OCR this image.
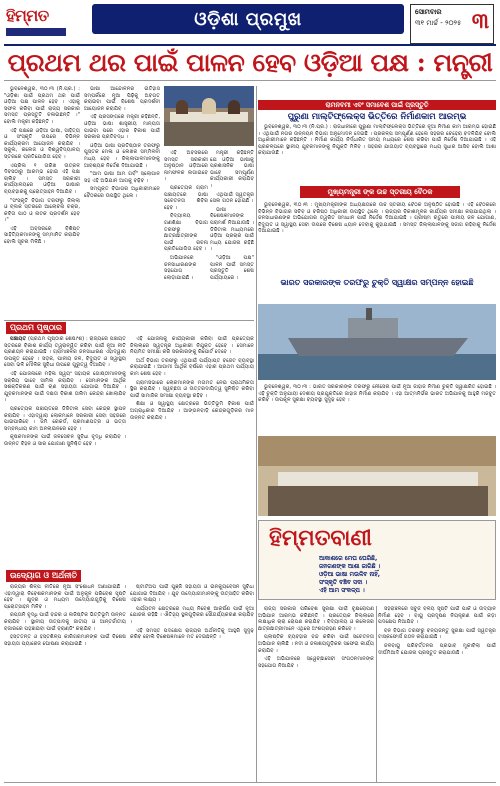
ହିମ୍ମତ	ଓଡ଼ିଶା ପ୍ରମୁଖ	ସୋମବାର
୩୧ ମାର୍ଚ୍ଚ - ୨୦୨୫ ୩
ପ୍ରଥମ ଥର ପାଇଁ ପାଳନ ହେବ ଓଡ଼ିଆ ପକ୍ଷ : ମନ୍ତ୍ରୀ

ଭୁବନେଶ୍ୱର, ୩୦।୩ (ନି.ପ୍ର.) : "ଓଡ଼ିଶା ପାଇଁ ପ୍ରଥମ ଥର ପାଇଁ ଓଡ଼ିଆ ପକ୍ଷ ପାଳନ ହେବ । ଏହାକୁ ସଫଳ କରିବା ପାଇଁ ରାଜ୍ୟ ସରକାର ସମସ୍ତ ପ୍ରସ୍ତୁତି ଚଳାଇଛନ୍ତି ।" ବୋଲି ମନ୍ତ୍ରୀ କହିଛନ୍ତି ।

ଏହି ପକ୍ଷରେ ଓଡ଼ିଆ ଭାଷା, ସାହିତ୍ୟ ଓ ସଂସ୍କୃତି ଉପରେ ବିଭିନ୍ନ କାର୍ଯ୍ୟକ୍ରମ ଆୟୋଜନ କରାଯିବ । ସ୍କୁଲ, କଲେଜ ଓ ବିଶ୍ୱବିଦ୍ୟାଳୟ ସ୍ତରରେ ପ୍ରତିଯୋଗିତା ହେବ ।

ଏପ୍ରିଲ ୧ ତାରିଖ ଉତ୍କଳ ଦିବସଠାରୁ ଆରମ୍ଭ ହୋଇ ଏହି ପକ୍ଷ ଚାଲିବ । ସମସ୍ତ ସରକାରୀ କାର୍ଯ୍ୟାଳୟରେ ଓଡ଼ିଆ ଭାଷାର ବ୍ୟବହାରକୁ ପ୍ରୋତ୍ସାହନ ଦିଆଯିବ ।

"ସଂସ୍କୃତି ବିଭାଗ ତରଫରୁ ଜିଲ୍ଲା ଓ ବ୍ଲକ ସ୍ତରରେ ଆଲୋଚନା ଚକ୍ର, କବିତା ପାଠ ଓ ନାଟକ ପ୍ରଦର୍ଶନ ହେବ ।"

ଏହି ଅବସରରେ ବିଶିଷ୍ଟ ସାହିତ୍ୟିକମାନଙ୍କୁ ସମ୍ମାନିତ କରାଯିବ ବୋଲି ସୂଚନା ମିଳିଛି ।

ଭାଷା ଆନ୍ଦୋଳନର ଇତିହାସ ସମ୍ପର୍କରେ ନୂଆ ପିଢ଼ିକୁ ଅବଗତ କରାଇବା ପାଇଁ ବିଶେଷ ପ୍ରଦର୍ଶନୀ ଆୟୋଜନ କରାଯିବ ।

ଏହି ପ୍ରସଙ୍ଗରେ ମନ୍ତ୍ରୀ କହିଛନ୍ତି, ଓଡ଼ିଆ ଭାଷା ଶାସ୍ତ୍ରୀୟ ମାନ୍ୟତା ପାଇବା ପରେ ଏହାର ବିକାଶ ପାଇଁ ସରକାର ପ୍ରତିବଦ୍ଧ ।

ଓଡ଼ିଆ ଭାଷା ପ୍ରତିଷ୍ଠାନ ତରଫରୁ ପୁସ୍ତକ ମେଳା ଓ ଲେଖକ ସମ୍ମିଳନୀ ମଧ୍ୟ ହେବ । ଜିଲ୍ଲାପାଳମାନଙ୍କୁ ଆବଶ୍ୟକ ନିର୍ଦ୍ଦେଶ ଦିଆଯାଇଛି ।

"ଆମ ଭାଷା ଆମ ଗର୍ବ" ସ୍ଲୋଗାନ ସହ ଏହି ଅଭିଯାନ ଆଗକୁ ବଢ଼ିବ ।

ସମ୍ପୃକ୍ତ ବିଭାଗର ଅଧିକାରୀମାନେ ବୈଠକରେ ଉପସ୍ଥିତ ଥିଲେ ।

ଏହି ଅବସରରେ ସମସ୍ତ ସରକାରୀ ଅନୁଷ୍ଠାନ ଓଡ଼ିଆରେ ନାମଫଳକ ଲଗାଇବେ ।

ପ୍ରତ୍ୟେକ ଗ୍ରାମ ପଞ୍ଚାୟତରେ ଭାଷା ସଚେତନତା ଶିବିର ହେବ ।

ବିଦ୍ୟାଳୟ ଗଣଶିକ୍ଷା ବିଭାଗ ତରଫରୁ ଛାତ୍ରଛାତ୍ରୀଙ୍କ ପାଇଁ ରଚନା ପ୍ରତିଯୋଗିତା ହେବ ।

ଅଭିଯାନରେ ଜନସାଧାରଣଙ୍କ ସହଯୋଗ ଲୋଡ଼ାଯାଇଛି ।

ମନ୍ତ୍ରୀ କହିଛନ୍ତି ଯେ ଓଡ଼ିଆ ଭାଷାକୁ ପ୍ରଶାସନିକ ଭାଷା ଭାବେ ସମ୍ପୂର୍ଣ୍ଣ କାର୍ଯ୍ୟକାରୀ କରାଯିବ ।

ଏଥିପାଇଁ ସ୍ୱତନ୍ତ୍ର ସେଲ ଗଠନ ହୋଇଛି ।

ଭାଷା ବିଶେଷଜ୍ଞମାନଙ୍କ ପରାମର୍ଶ ନିଆଯାଉଛି । ଡିଜିଟାଲ ମାଧ୍ୟମରେ ଓଡ଼ିଆ ପ୍ରଚାର ପାଇଁ ମଧ୍ୟ ଯୋଜନା ରହିଛି ।

"ଓଡ଼ିଆ ପକ୍ଷ" ପାଳନ ପାଇଁ ସମସ୍ତ ପ୍ରସ୍ତୁତି ଶେଷ ପର୍ଯ୍ୟାୟରେ ।

ରାମନବମୀ ଏବଂ ସମାବେଶ ପାଇଁ ପ୍ରସ୍ତୁତି
ପୁରୁଣା ମାଲ୍ଟିଫ୍ଲେକ୍ସ ଭିତ୍ତିରେ ନିର୍ମାଣକାମ ଆରମ୍ଭ

ଭୁବନେଶ୍ୱର, ୩୦।୩ (ନି.ପ୍ର.) : ରାଜଧାନୀରେ ପୁରୁଣା ମାଲ୍ଟିଫ୍ଲେକ୍ସ ଭିତ୍ତିରେ ନୂଆ ନିର୍ମାଣ କାମ ଆରମ୍ଭ ହୋଇଛି । ଏଥିପାଇଁ ନଗର ଉନ୍ନୟନ ବିଭାଗ ଅନୁମୋଦନ ଦେଇଛି । ପ୍ରକଳ୍ପ ସମ୍ପୂର୍ଣ୍ଣ ହେଲେ ସହରର ଚେହେରା ବଦଳିଯିବ ବୋଲି ଅଧିକାରୀମାନେ କହିଛନ୍ତି । ନିର୍ମାଣ କାର୍ଯ୍ୟ ନିର୍ଦ୍ଧାରିତ ସମୟ ମଧ୍ୟରେ ଶେଷ କରିବା ପାଇଁ ନିର୍ଦ୍ଦେଶ ଦିଆଯାଇଛି । ଏହି ପ୍ରକଳ୍ପରେ ସ୍ଥାନୀୟ ଯୁବକମାନଙ୍କୁ ନିଯୁକ୍ତି ମିଳିବ । ସହରର ଯାତାୟାତ ବ୍ୟବସ୍ଥାରେ ମଧ୍ୟ ସୁଧାର ଆସିବ ବୋଲି ଆଶା କରାଯାଉଛି ।

ମୁଖ୍ୟମନ୍ତ୍ରୀ ଙ୍କ ଉଚ୍ଚ ସ୍ତରୀୟ ବୈଠକ

ଭୁବନେଶ୍ୱର, ୩୦।୩ : ମୁଖ୍ୟମନ୍ତ୍ରୀଙ୍କ ଅଧ୍ୟକ୍ଷତାରେ ଉଚ୍ଚ ସ୍ତରୀୟ ବୈଠକ ଅନୁଷ୍ଠିତ ହୋଇଛି । ଏହି ବୈଠକରେ ବିଭିନ୍ନ ବିଭାଗର ସଚିବ ଓ ବରିଷ୍ଠ ଅଧିକାରୀ ଉପସ୍ଥିତ ଥିଲେ । ରାଜ୍ୟର ବିକାଶମୂଳକ କାର୍ଯ୍ୟର ସମୀକ୍ଷା କରାଯାଇଥିଲା । ଜନସାଧାରଣଙ୍କ ଅଭିଯୋଗର ତ୍ୱରିତ ସମାଧାନ ପାଇଁ ନିର୍ଦ୍ଦେଶ ଦିଆଯାଇଛି । ଗ୍ରୀଷ୍ମ ଋତୁରେ ପାନୀୟ ଜଳ ଯୋଗାଣ, ବିଦ୍ୟୁତ ଓ ସ୍ୱାସ୍ଥ୍ୟ ସେବା ଉପରେ ବିଶେଷ ଧ୍ୟାନ ଦେବାକୁ କୁହାଯାଇଛି । ସମସ୍ତ ଜିଲ୍ଲାପାଳଙ୍କୁ ସଜାଗ ରହିବାକୁ ନିର୍ଦ୍ଦେଶ ଦିଆଯାଇଛି ।

ଭାରତ ସରକାରଙ୍କ ତରଫରୁ ଚୁକ୍ତି ସ୍ୱାକ୍ଷର ସମ୍ପନ୍ନ ହୋଇଛି

ଭୁବନେଶ୍ୱର, ୩୦।୩ : ଭାରତ ସରକାରଙ୍କ ତରଫରୁ ନୌସେନା ପାଇଁ ନୂଆ ଜାହାଜ ନିର୍ମାଣ ଚୁକ୍ତି ସ୍ୱାକ୍ଷରିତ ହୋଇଛି । ଏହି ଚୁକ୍ତି ଅନୁଯାୟୀ ଦେଶୀୟ ପ୍ରଯୁକ୍ତିରେ ଜାହାଜ ନିର୍ମାଣ କରାଯିବ । ଏହା ଆତ୍ମନିର୍ଭର ଭାରତ ଅଭିଯାନକୁ ଆହୁରି ମଜବୁତ କରିବ । ଉପକୂଳ ସୁରକ୍ଷା ବ୍ୟବସ୍ଥା ସୁଦୃଢ଼ ହେବ ।

ହିମ୍ମତବାଣୀ
ଆକାଶରେ ମେଘ ଘେରିଛି,
ଜନଗଣଙ୍କ ଆଶା ଜାଗିଛି ।
ଓଡ଼ିଆ ଭାଷା ମଉଳିବ ନାହିଁ,
ସଂସ୍କୃତି ବଞ୍ଚିବ ସଦା ।
ଏହି ଆମ ସଂକଳ୍ପ ।
ପ୍ରଥମ ପୃଷ୍ଠାର

ପଞ୍ଚାୟତ (ପ୍ରଥମ ପୃଷ୍ଠାର ଶେଷାଂଶ) : ରାଜ୍ୟରେ ପଞ୍ଚାୟତ ସ୍ତରରେ ବିକାଶ କାର୍ଯ୍ୟ ତ୍ୱରାନ୍ୱିତ କରିବା ପାଇଁ ନୂଆ ନୀତି ପ୍ରଣୟନ କରାଯାଇଛି । ଗ୍ରାମାଞ୍ଚଳର ଜନସାଧାରଣ ଏହାଦ୍ୱାରା ଉପକୃତ ହେବେ । ସଡ଼କ, ପାନୀୟ ଜଳ, ବିଦ୍ୟୁତ ଓ ସ୍ୱାସ୍ଥ୍ୟ ସେବା ଭଳି ମୌଳିକ ସୁବିଧା ଉପରେ ଗୁରୁତ୍ୱ ଦିଆଯିବ ।

ଏହି ଯୋଜନାରେ ମହିଳା ସ୍ୱୟଂ ସହାୟକ ଗୋଷ୍ଠୀମାନଙ୍କୁ ସକ୍ରିୟ ଭାବେ ସାମିଲ କରାଯିବ । ସେମାନଙ୍କ ଆର୍ଥିକ ସଶକ୍ତିକରଣ ପାଇଁ ଋଣ ସହାୟତା ଯୋଗାଇ ଦିଆଯିବ । ଯୁବକମାନଙ୍କ ପାଇଁ ଦକ୍ଷତା ବିକାଶ ତାଲିମ କେନ୍ଦ୍ର ଖୋଲାଯିବ ।

ପ୍ରତ୍ୟେକ ପଞ୍ଚାୟତରେ ଡିଜିଟାଲ ସେବା କେନ୍ଦ୍ର ସ୍ଥାପନ କରାଯିବ । ଏହାଦ୍ୱାରା ଲୋକମାନେ ସରକାରୀ ସେବା ସହଜରେ ପାଇପାରିବେ । ଜମି ରେକର୍ଡ, ପ୍ରମାଣପତ୍ର ଓ ଭତ୍ତା ସମ୍ବନ୍ଧୀୟ କାମ ଅନଲାଇନରେ ହେବ ।

କୃଷକମାନଙ୍କ ପାଇଁ ଜଳସେଚନ ସୁବିଧା ବୃଦ୍ଧି କରାଯିବ । ଉନ୍ନତ ବିହନ ଓ ସାର ଯୋଗାଣ ସୁନିଶ୍ଚିତ ହେବ ।

ଏହି ଯୋଜନାକୁ କାର୍ଯ୍ୟକାରୀ କରିବା ପାଇଁ ପ୍ରତ୍ୟେକ ଜିଲ୍ଲାରେ ସ୍ୱତନ୍ତ୍ର ଅଧିକାରୀ ନିଯୁକ୍ତ ହେବେ । ସେମାନେ ନିୟମିତ ସମୀକ୍ଷା କରି ସରକାରଙ୍କୁ ରିପୋର୍ଟ ଦେବେ ।

ଅର୍ଥ ବିଭାଗ ତରଫରୁ ଏଥିପାଇଁ ପର୍ଯ୍ୟାପ୍ତ ବଜେଟ ବ୍ୟବସ୍ଥା କରାଯାଇଛି । ଆଗାମୀ ଆର୍ଥିକ ବର୍ଷରେ ଏହାର ପ୍ରଥମ ପର୍ଯ୍ୟାୟ କାମ ଶେଷ ହେବ ।

ଗ୍ରାମସଭାରେ ଲୋକମାନଙ୍କ ମତାମତ ନେଇ ପ୍ରାଥମିକତା ସ୍ଥିର କରାଯିବ । ସ୍ୱଚ୍ଛତା ଓ ଉତ୍ତରଦାୟିତ୍ୱ ସୁନିଶ୍ଚିତ କରିବା ପାଇଁ ସାମାଜିକ ସମୀକ୍ଷା ବ୍ୟବସ୍ଥା ରହିବ ।

ଶିକ୍ଷା ଓ ସ୍ୱାସ୍ଥ୍ୟ କ୍ଷେତ୍ରରେ ଭିତ୍ତିଭୂମି ବିକାଶ ପାଇଁ ଅଗ୍ରାଧିକାର ଦିଆଯିବ । ଆଙ୍ଗନବାଡ଼ି କେନ୍ଦ୍ରଗୁଡ଼ିକର ମାନ ଉନ୍ନତ କରାଯିବ ।

ଉଦ୍ୟୋଗ ଓ ଅର୍ଥନୀତି

ରାଜ୍ୟର ଶିଳ୍ପ ନୀତିରେ ନୂଆ ସଂଶୋଧନ ଅଣାଯାଇଛି । ଏହାଦ୍ୱାରା ନିବେଶକମାନଙ୍କ ପାଇଁ ଅନୁକୂଳ ପରିବେଶ ସୃଷ୍ଟି ହେବ । କ୍ଷୁଦ୍ର ଓ ମଧ୍ୟମ ଉଦ୍ୟୋଗଗୁଡ଼ିକୁ ବିଶେଷ ପ୍ରୋତ୍ସାହନ ମିଳିବ ।

ରପ୍ତାନି ବୃଦ୍ଧି ପାଇଁ ବନ୍ଦର ଓ ଲଜିଷ୍ଟିକ ଭିତ୍ତିଭୂମି ଉନ୍ନତ କରାଯିବ । ସ୍ଥାନୀୟ ଉତ୍ପାଦକୁ ଜାତୀୟ ଓ ଆନ୍ତର୍ଜାତୀୟ ବଜାରରେ ପହଞ୍ଚାଇବା ପାଇଁ ବ୍ରାଣ୍ଡିଂ କରାଯିବ ।

ହସ୍ତତନ୍ତ ଓ ହସ୍ତଶିଳ୍ପ କାରିଗରମାନଙ୍କ ପାଇଁ ବିଶେଷ ସହାୟତା ପ୍ୟାକେଜ ଘୋଷଣା କରାଯାଇଛି ।

ଷ୍ଟାର୍ଟଅପ ପାଇଁ ପୁଞ୍ଜି ସହାୟତା ଓ ଇନକ୍ୟୁବେସନ ସୁବିଧା ଯୋଗାଇ ଦିଆଯିବ । ଯୁବ ଉଦ୍ୟୋଗୀମାନଙ୍କୁ ଉତ୍ସାହିତ କରିବା ଏହାର ଲକ୍ଷ୍ୟ ।

ପର୍ଯ୍ୟଟନ କ୍ଷେତ୍ରରେ ମଧ୍ୟ ନିବେଶ ଆକର୍ଷଣ ପାଇଁ ନୂଆ ଯୋଜନା ରହିଛି । ଐତିହ୍ୟ ସ୍ଥଳଗୁଡ଼ିକର ସୌନ୍ଦର୍ଯ୍ୟକରଣ କରାଯିବ ।

ଏହି ସମସ୍ତ ପଦକ୍ଷେପ ରାଜ୍ୟର ଅର୍ଥନୀତିକୁ ଆହୁରି ସୁଦୃଢ଼ କରିବ ବୋଲି ବିଶେଷଜ୍ଞମାନେ ମତ ଦେଇଛନ୍ତି ।

ରାଜ୍ୟ ସରକାର ପରିବେଶ ସୁରକ୍ଷା ପାଇଁ ବୃକ୍ଷରୋପଣ ଅଭିଯାନ ଆରମ୍ଭ କରିଛନ୍ତି । ପ୍ରତ୍ୟେକ ଜିଲ୍ଲାରେ ଲକ୍ଷାଧିକ ଚାରା ରୋପଣ କରାଯିବ । ବିଦ୍ୟାଳୟ ଓ କଲେଜର ଛାତ୍ରଛାତ୍ରୀମାନେ ଏଥିରେ ଅଂଶଗ୍ରହଣ କରିବେ ।

ପ୍ଲାଷ୍ଟିକ ବ୍ୟବହାର ବନ୍ଦ କରିବା ପାଇଁ ସଚେତନତା ଅଭିଯାନ ଚାଲିଛି । ନଦୀ ଓ ଜଳାଶୟଗୁଡ଼ିକର ସଫେଇ କାର୍ଯ୍ୟ କରାଯିବ ।

ଏହି ଅଭିଯାନରେ ସ୍ୱେଚ୍ଛାସେବୀ ସଂଗଠନମାନଙ୍କ ସହଯୋଗ ନିଆଯିବ ।

ସହରାଞ୍ଚଳରେ ସବୁଜ ବଳୟ ସୃଷ୍ଟି ପାଇଁ ପାର୍କ ଓ ଉଦ୍ୟାନ ନିର୍ମାଣ ହେବ । ବାୟୁ ପ୍ରଦୂଷଣ ନିୟନ୍ତ୍ରଣ ପାଇଁ କଡ଼ା ପଦକ୍ଷେପ ନିଆଯିବ ।

ବନ ବିଭାଗ ତରଫରୁ ବନ୍ୟଜନ୍ତୁ ସୁରକ୍ଷା ପାଇଁ ସ୍ୱତନ୍ତ୍ର ଟାସ୍କଫୋର୍ସ ଗଠନ କରାଯାଇଛି ।

ଜଳବାୟୁ ପରିବର୍ତ୍ତନର ପ୍ରଭାବ ମୁକାବିଲା ପାଇଁ ଦୀର୍ଘମିଆଦି ଯୋଜନା ପ୍ରସ୍ତୁତ କରାଯାଉଛି ।
